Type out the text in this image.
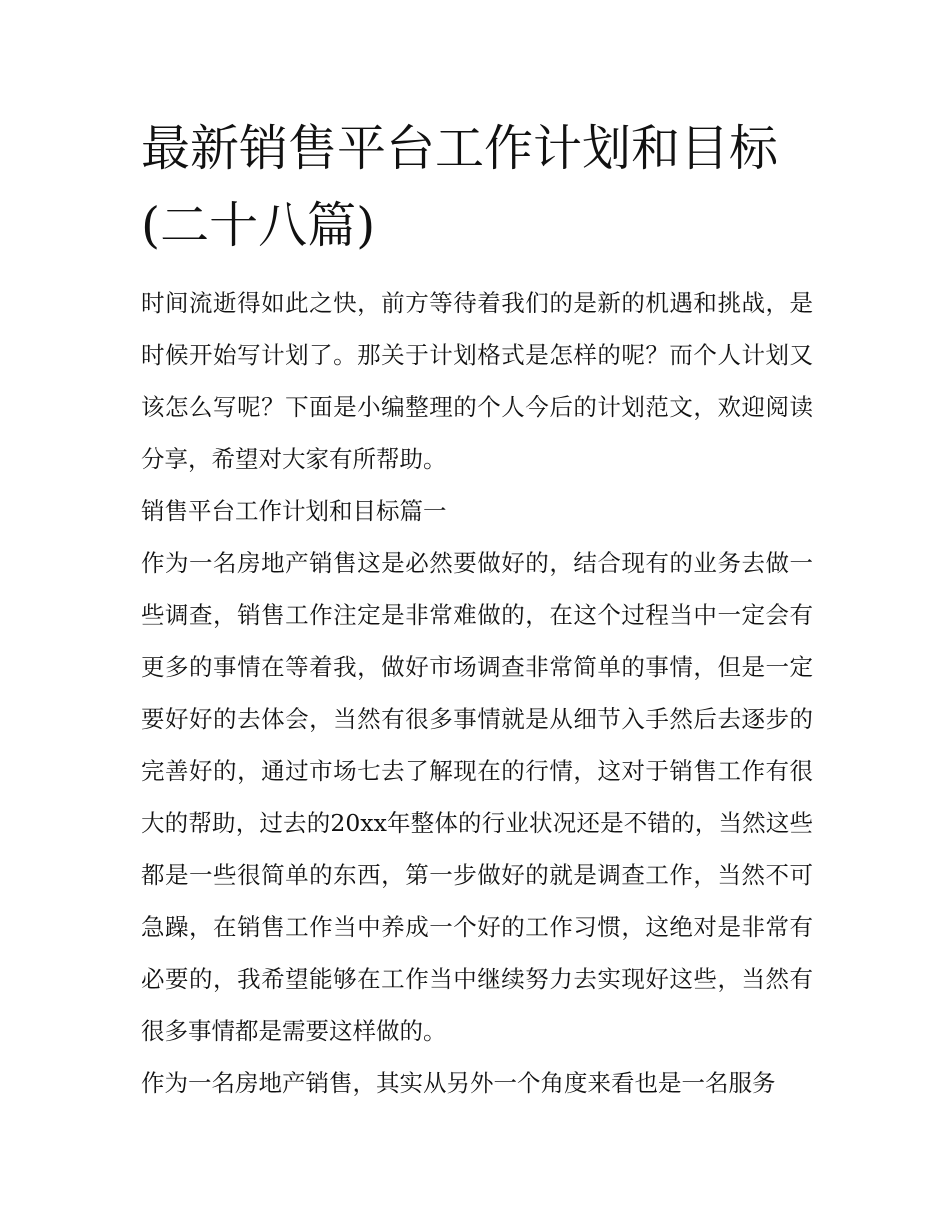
最新销售平台工作计划和目标(二十八篇)

时间流逝得如此之快，前方等待着我们的是新的机遇和挑战，是时候开始写计划了。那关于计划格式是怎样的呢？而个人计划又该怎么写呢？下面是小编整理的个人今后的计划范文，欢迎阅读分享，希望对大家有所帮助。

销售平台工作计划和目标篇一

作为一名房地产销售这是必然要做好的，结合现有的业务去做一些调查，销售工作注定是非常难做的，在这个过程当中一定会有更多的事情在等着我，做好市场调查非常简单的事情，但是一定要好好的去体会，当然有很多事情就是从细节入手然后去逐步的完善好的，通过市场七去了解现在的行情，这对于销售工作有很大的帮助，过去的20xx年整体的行业状况还是不错的，当然这些都是一些很简单的东西，第一步做好的就是调查工作，当然不可急躁，在销售工作当中养成一个好的工作习惯，这绝对是非常有必要的，我希望能够在工作当中继续努力去实现好这些，当然有很多事情都是需要这样做的。

作为一名房地产销售，其实从另外一个角度来看也是一名服务
